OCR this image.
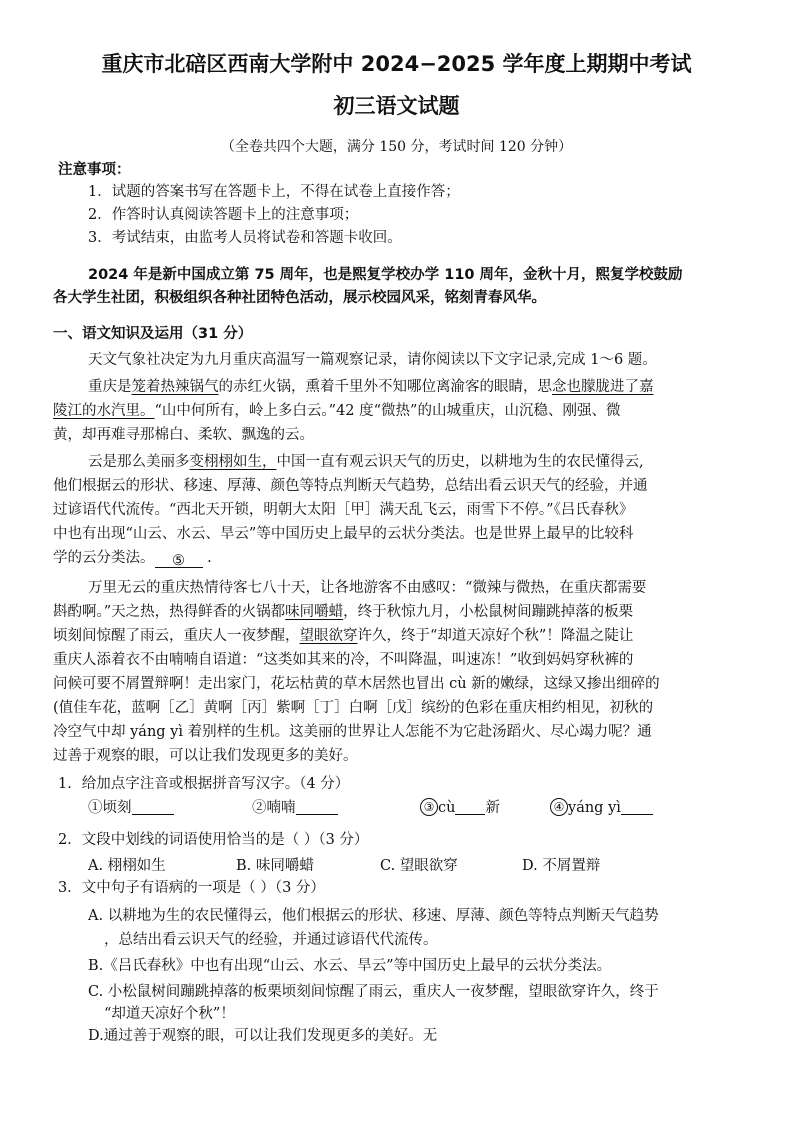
重庆市北碚区西南大学附中 2024−2025 学年度上期期中考试
初三语文试题
（全卷共四个大题，满分 150 分，考试时间 120 分钟）
注意事项：
1．试题的答案书写在答题卡上，不得在试卷上直接作答；
2．作答时认真阅读答题卡上的注意事项；
3．考试结束，由监考人员将试卷和答题卡收回。
2024 年是新中国成立第 75 周年，也是熙复学校办学 110 周年，金秋十月，熙复学校鼓励
各大学生社团，积极组织各种社团特色活动，展示校园风采，铭刻青春风华。
一、语文知识及运用（31 分）
天文气象社决定为九月重庆高温写一篇观察记录，请你阅读以下文字记录,完成 1～6 题。
重庆是笼着热辣锅气的赤红火锅，熏着千里外不知哪位离渝客的眼睛，思念也朦胧进了嘉
陵江的水汽里。“山中何所有，岭上多白云。”42 度“微热”的山城重庆，山沉稳、刚强、微
黄，却再难寻那棉白、柔软、飘逸的云。
云是那么美丽多变栩栩如生，中国一直有观云识天气的历史，以耕地为生的农民懂得云,
他们根据云的形状、移速、厚薄、颜色等特点判断天气趋势，总结出看云识天气的经验，并通
过谚语代代流传。“西北天开锁，明朝大太阳［甲］满天乱飞云，雨雪下不停。”《吕氏春秋》
中也有出现“山云、水云、旱云”等中国历史上最早的云状分类法。也是世界上最早的比较科
学的云分类法。 ⑤ .
万里无云的重庆热情待客七八十天，让各地游客不由感叹：“微辣与微热，在重庆都需要
斟酌啊。”天之热，热得鲜香的火锅都味同嚼蜡，终于秋惊九月，小松鼠树间蹦跳掉落的板栗
顷刻间惊醒了雨云，重庆人一夜梦醒，望眼欲穿许久，终于“却道天凉好个秋”！降温之陡让
重庆人添着衣不由喃喃自语道：“这类如其来的冷，不叫降温，叫速冻！”收到妈妈穿秋裤的
问候可要不屑置辩啊！走出家门，花坛枯黄的草木居然也冒出 cù 新的嫩绿，这绿又掺出细碎的
(值佳车花，蓝啊［乙］黄啊［丙］紫啊［丁］白啊［戊］缤纷的色彩在重庆相约相见，初秋的
冷空气中却 yáng yì 着别样的生机。这美丽的世界让人怎能不为它赴汤蹈火、尽心竭力呢？通
过善于观察的眼，可以让我们发现更多的美好。
1．给加点字注音或根据拼音写汉字。（4 分）
①顷刻	②喃喃	③ cù 新	④ yáng yì
2．文段中划线的词语使用恰当的是（ ）（3 分）
A. 栩栩如生	B. 味同嚼蜡	C. 望眼欲穿	D. 不屑置辩
3．文中句子有语病的一项是（ ）（3 分）
A. 以耕地为生的农民懂得云，他们根据云的形状、移速、厚薄、颜色等特点判断天气趋势
，总结出看云识天气的经验，并通过谚语代代流传。
B.《吕氏春秋》中也有出现“山云、水云、旱云”等中国历史上最早的云状分类法。
C. 小松鼠树间蹦跳掉落的板栗顷刻间惊醒了雨云，重庆人一夜梦醒，望眼欲穿许久，终于
“却道天凉好个秋”！
D.通过善于观察的眼，可以让我们发现更多的美好。无
